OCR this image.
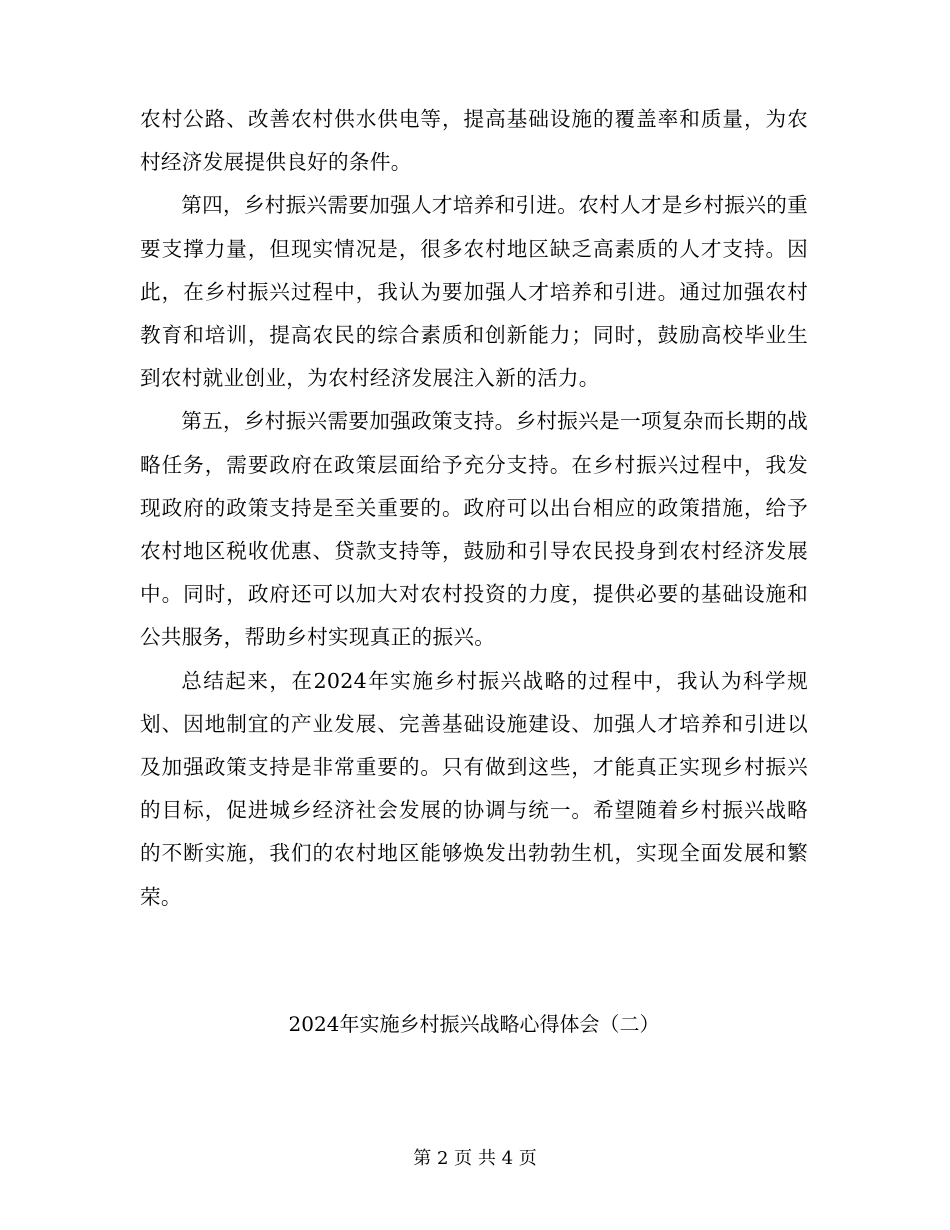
农村公路、改善农村供水供电等，提高基础设施的覆盖率和质量，为农村经济发展提供良好的条件。

第四，乡村振兴需要加强人才培养和引进。农村人才是乡村振兴的重要支撑力量，但现实情况是，很多农村地区缺乏高素质的人才支持。因此，在乡村振兴过程中，我认为要加强人才培养和引进。通过加强农村教育和培训，提高农民的综合素质和创新能力；同时，鼓励高校毕业生到农村就业创业，为农村经济发展注入新的活力。

第五，乡村振兴需要加强政策支持。乡村振兴是一项复杂而长期的战略任务，需要政府在政策层面给予充分支持。在乡村振兴过程中，我发现政府的政策支持是至关重要的。政府可以出台相应的政策措施，给予农村地区税收优惠、贷款支持等，鼓励和引导农民投身到农村经济发展中。同时，政府还可以加大对农村投资的力度，提供必要的基础设施和公共服务，帮助乡村实现真正的振兴。

总结起来，在2024年实施乡村振兴战略的过程中，我认为科学规划、因地制宜的产业发展、完善基础设施建设、加强人才培养和引进以及加强政策支持是非常重要的。只有做到这些，才能真正实现乡村振兴的目标，促进城乡经济社会发展的协调与统一。希望随着乡村振兴战略的不断实施，我们的农村地区能够焕发出勃勃生机，实现全面发展和繁荣。

2024年实施乡村振兴战略心得体会（二）

第 2 页 共 4 页
